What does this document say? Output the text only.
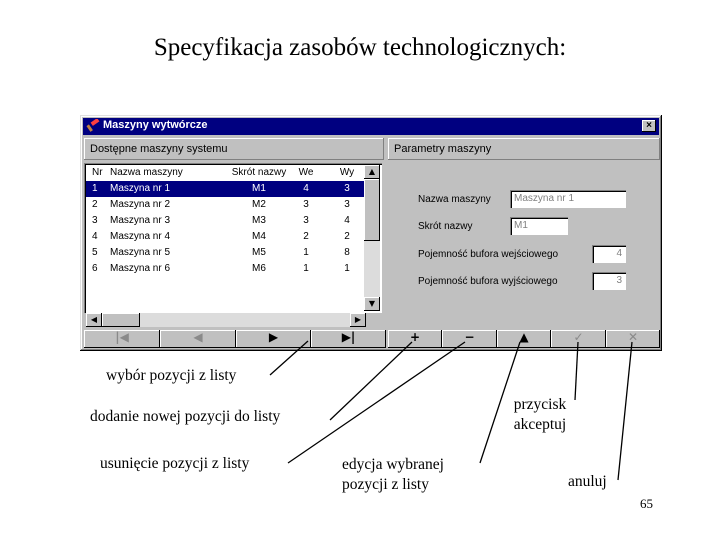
Specyfikacja zasobów technologicznych:
Maszyny wytwórcze	×
Dostępne maszyny systemu	Parametry maszyny
Nr Nazwa maszyny	Skrót nazwy	We	Wy
1 Maszyna nr 1	M1	4	3
2 Maszyna nr 2	M2	3	3
3 Maszyna nr 3	M3	3	4
4 Maszyna nr 4	M4	2	2
5 Maszyna nr 5	M5	1	8
6 Maszyna nr 6	M6	1	1
▲
▼
◀	▶
|◀	◀	▶	▶|	+	−	▲	✓	✕
Nazwa maszyny	Maszyna nr 1
Skrót nazwy	M1
Pojemność bufora wejściowego	4
Pojemność bufora wyjściowego	3
wybór pozycji z listy
dodanie nowej pozycji do listy
usunięcie pozycji z listy	edycja wybranej pozycji z listy
przycisk akceptuj
anuluj
65
